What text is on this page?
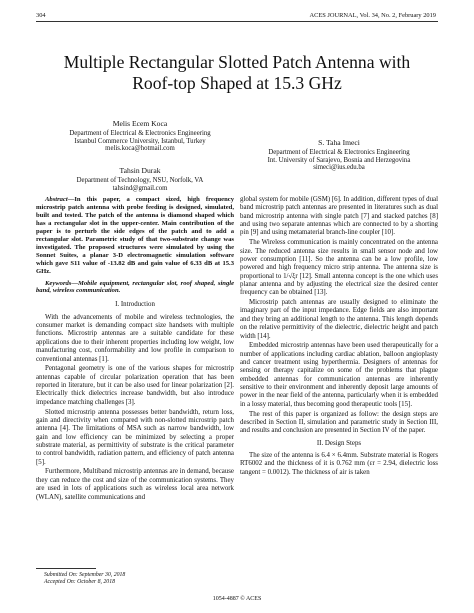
304	ACES JOURNAL, Vol. 34, No. 2, February 2019
Multiple Rectangular Slotted Patch Antenna with
Roof-top Shaped at 15.3 GHz
Melis Ecem Koca
Department of Electrical & Electronics Engineering
Istanbul Commerce University, Istanbul, Turkey
melis.koca@hotmail.com
Tahsin Durak
Department of Technology, NSU, Norfolk, VA
tahsind@gmail.com
S. Taha Imeci
Department of Electrical & Electronics Engineering
Int. University of Sarajevo, Bosnia and Herzegovina
simeci@ius.edu.ba

Abstract—In this paper, a compact sized, high frequency microstrip patch antenna with probe feeding is designed, simulated, built and tested. The patch of the antenna is diamond shaped which has a rectangular slot in the upper-center. Main contribution of the paper is to perturb the side edges of the patch and to add a rectangular slot. Parametric study of that two-substrate change was investigated. The proposed structures were simulated by using the Sonnet Suites, a planar 3-D electromagnetic simulation software which gave S11 value of -13.82 dB and gain value of 6.33 dB at 15.3 GHz.

Keywords—Mobile equipment, rectangular slot, roof shaped, single band, wireless communication.

I. Introduction

With the advancements of mobile and wireless technologies, the consumer market is demanding compact size handsets with multiple functions. Microstrip antennas are a suitable candidate for these applications due to their inherent properties including low weight, low manufacturing cost, conformability and low profile in comparison to conventional antennas [1].

Pentagonal geometry is one of the various shapes for microstrip antennas capable of circular polarization operation that has been reported in literature, but it can be also used for linear polarization [2]. Electrically thick dielectrics increase bandwidth, but also introduce impedance matching challenges [3].

Slotted microstrip antenna possesses better bandwidth, return loss, gain and directivity when compared with non-slotted microstrip patch antenna [4]. The limitations of MSA such as narrow bandwidth, low gain and low efficiency can be minimized by selecting a proper substrate material, as permittivity of substrate is the critical parameter to control bandwidth, radiation pattern, and efficiency of patch antenna [5].

Furthermore, Multiband microstrip antennas are in demand, because they can reduce the cost and size of the communication systems. They are used in lots of applications such as wireless local area network (WLAN), satellite communications and

global system for mobile (GSM) [6]. In addition, different types of dual band microstrip patch antennas are presented in literatures such as dual band microstrip antenna with single patch [7] and stacked patches [8] and using two separate antennas which are connected to by a shorting pin [9] and using metamaterial branch-line coupler [10].

The Wireless communication is mainly concentrated on the antenna size. The reduced antenna size results in small sensor node and low power consumption [11]. So the antenna can be a low profile, low powered and high frequency micro strip antenna. The antenna size is proportional to 1/√ξr [12]. Small antenna concept is the one which uses planar antenna and by adjusting the electrical size the desired center frequency can be obtained [13].

Microstrip patch antennas are usually designed to eliminate the imaginary part of the input impedance. Edge fields are also important and they bring an additional length to the antenna. This length depends on the relative permittivity of the dielectric, dielectric height and patch width [14].

Embedded microstrip antennas have been used therapeutically for a number of applications including cardiac ablation, balloon angioplasty and cancer treatment using hyperthermia. Designers of antennas for sensing or therapy capitalize on some of the problems that plague embedded antennas for communication antennas are inherently sensitive to their environment and inherently deposit large amounts of power in the near field of the antenna, particularly when it is embedded in a lossy material, thus becoming good therapeutic tools [15].

The rest of this paper is organized as follow: the design steps are described in Section II, simulation and parametric study in Section III, and results and conclusion are presented in Section IV of the paper.

II. Design Steps

The size of the antenna is 6.4 × 6.4mm. Substrate material is Rogers RT6002 and the thickness of it is 0.762 mm (εr = 2.94, dielectric loss tangent = 0.0012). The thickness of air is taken

Submitted On: September 30, 2018
Accepted On: October 8, 2018
1054-4887 © ACES
